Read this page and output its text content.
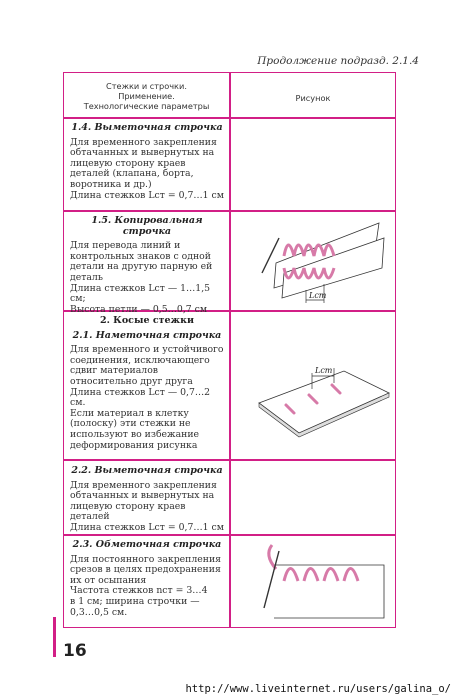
Продолжение подразд. 2.1.4
Стежки и строчки.
Применение.
Технологические параметры
Рисунок
1.4. Выметочная строчка
Для временного закрепления
обтачанных и вывернутых на
лицевую сторону краев деталей (клапана, борта, воротника и др.)
Длина стежков Lст = 0,7…1 см
1.5. Копировальная строчка
Для перевода линий и контрольных знаков с одной детали на другую парную ей деталь
Длина стежков Lст — 1…1,5 см;
Высота петли — 0,5…0,7 см
Lст
2. Косые стежки
2.1. Наметочная строчка
Для временного и устойчивого соединения, исключающего сдвиг материалов относительно друг друга
Длина стежков Lст — 0,7…2 см.
Если материал в клетку (полоску) эти стежки не используют во избежание деформирования рисунка
Lст
2.2. Выметочная строчка
Для временного закрепления
обтачанных и вывернутых на
лицевую сторону краев деталей
Длина стежков Lст = 0,7…1 см
2.3. Обметочная строчка
Для постоянного закрепления срезов в целях предохранения их от осыпания
Частота стежков nст = 3…4
в 1 см; ширина строчки —
0,3…0,5 см.
16
http://www.liveinternet.ru/users/galina_o/
